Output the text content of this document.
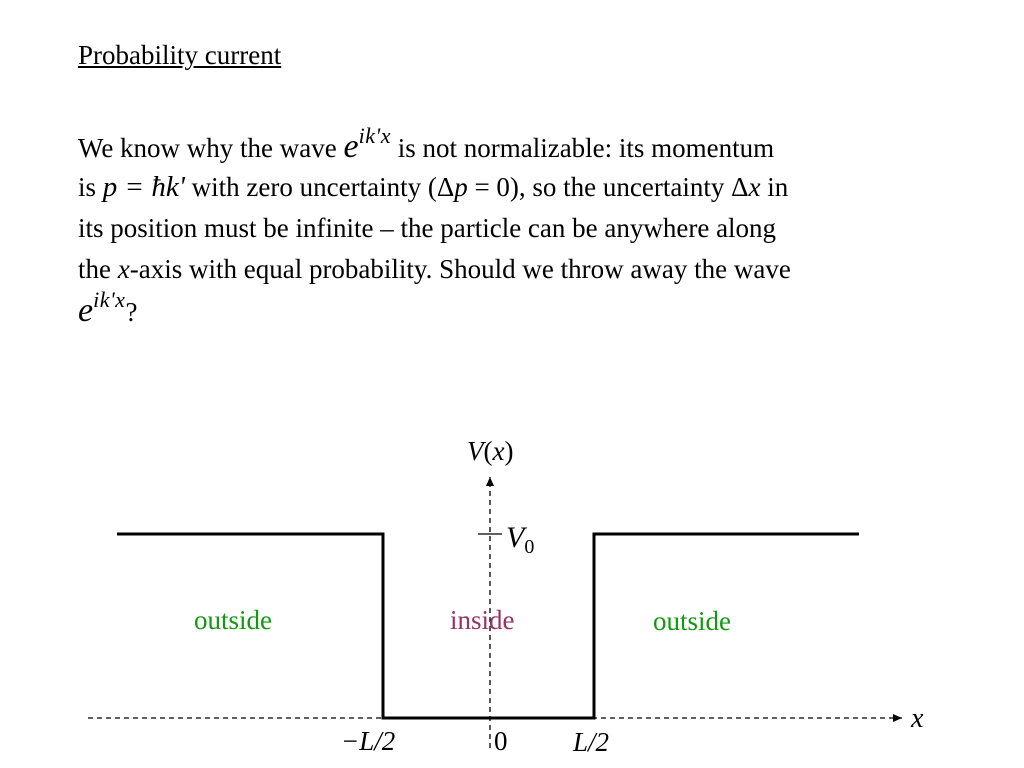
Probability current
We know why the wave $e^{ik'x}$ is not normalizable: its momentum
is p = ħk' with zero uncertainty (Δp = 0), so the uncertainty Δx in
its position must be infinite – the particle can be anywhere along
the x-axis with equal probability. Should we throw away the wave
$e^{ik'x}$?
V(x)
$V_0$
x
−L/2	0 L/2
outside	inside	outside
